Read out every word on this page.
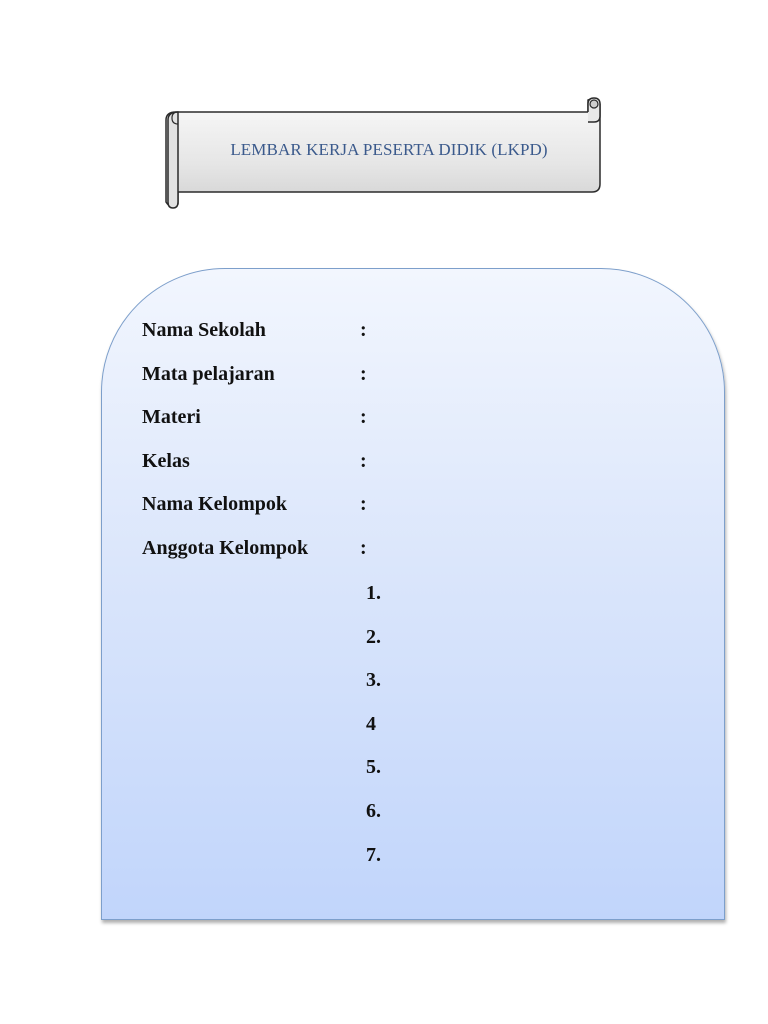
LEMBAR KERJA PESERTA DIDIK (LKPD)
Nama Sekolah	:
Mata pelajaran	:
Materi	:
Kelas	:
Nama Kelompok	:
Anggota Kelompok	:
1.
2.
3.
4
5.
6.
7.
